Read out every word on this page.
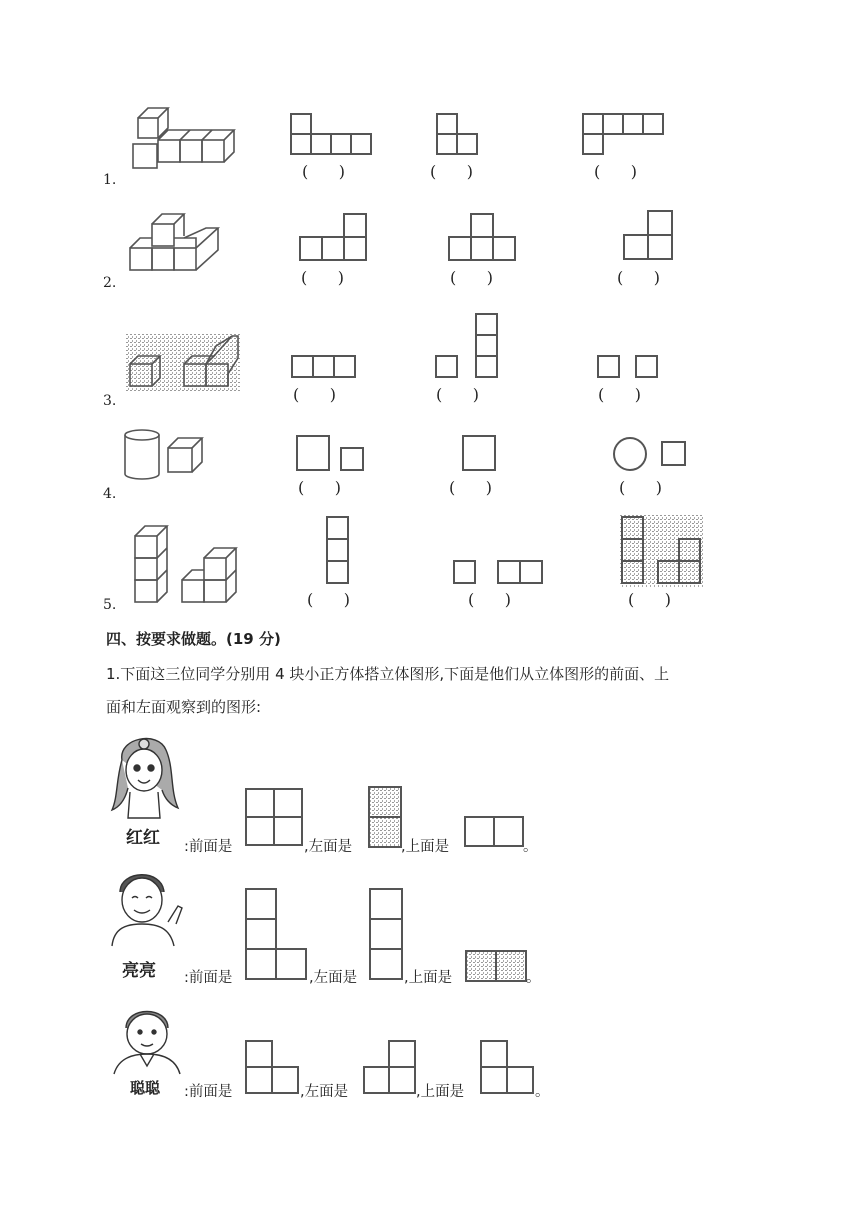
1.	(      )	(      )	(      )
2.	(      )	(      )	(      )
3.	(      )	(      )	(      )
4.	(      )	(      )	(      )
5.	(      )	(      )	(      )
四、按要求做题。(19 分)
1.下面这三位同学分别用 4 块小正方体搭立体图形,下面是他们从立体图形的前面、上
面和左面观察到的图形:
红红 :前面是	,左面是	,上面是	。
亮亮 :前面是	,左面是	,上面是	。
聪聪 :前面是	,左面是	,上面是	。
